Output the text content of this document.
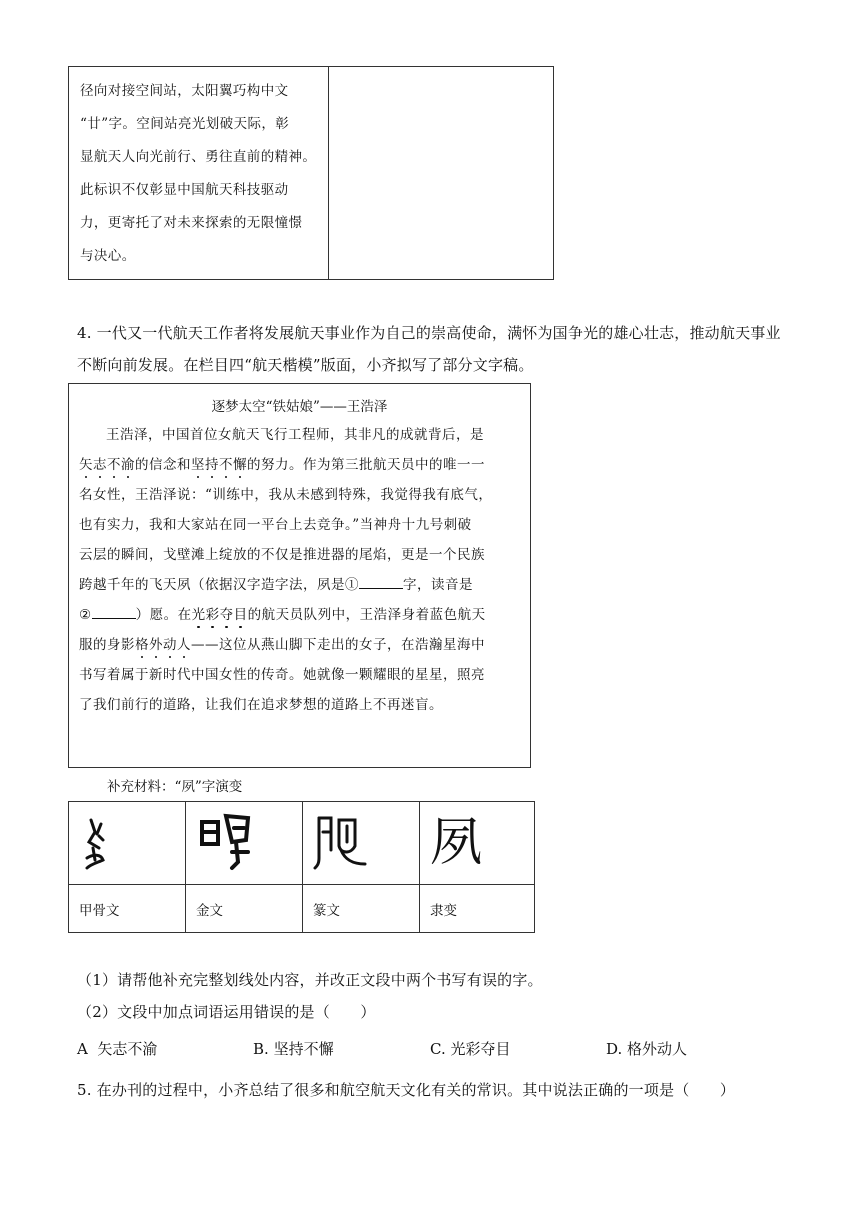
径向对接空间站，太阳翼巧构中文
“廿”字。空间站亮光划破天际，彰
显航天人向光前行、勇往直前的精神。
此标识不仅彰显中国航天科技驱动
力，更寄托了对未来探索的无限憧憬
与决心。
4. 一代又一代航天工作者将发展航天事业作为自己的崇高使命，满怀为国争光的雄心壮志，推动航天事业
不断向前发展。在栏目四“航天楷模”版面，小齐拟写了部分文字稿。
逐梦太空“铁姑娘”——王浩泽
王浩泽，中国首位女航天飞行工程师，其非凡的成就背后，是
矢志不渝的信念和坚持不懈的努力。作为第三批航天员中的唯一一
名女性，王浩泽说：“训练中，我从未感到特殊，我觉得我有底气，
也有实力，我和大家站在同一平台上去竞争。”当神舟十九号刺破
云层的瞬间，戈壁滩上绽放的不仅是推进器的尾焰，更是一个民族
跨越千年的飞天夙（依据汉字造字法，夙是①	字，读音是
②	）愿。在光彩夺目的航天员队列中，王浩泽身着蓝色航天
服的身影格外动人——这位从燕山脚下走出的女子，在浩瀚星海中
书写着属于新时代中国女性的传奇。她就像一颗耀眼的星星，照亮
了我们前行的道路，让我们在追求梦想的道路上不再迷盲。
补充材料：“夙”字演变
			夙
甲骨文	金文	篆文	隶变
（1）请帮他补充完整划线处内容，并改正文段中两个书写有误的字。
（2）文段中加点词语运用错误的是（　　）
A 矢志不渝	B. 坚持不懈	C. 光彩夺目	D. 格外动人
5. 在办刊的过程中，小齐总结了很多和航空航天文化有关的常识。其中说法正确的一项是（　　）
